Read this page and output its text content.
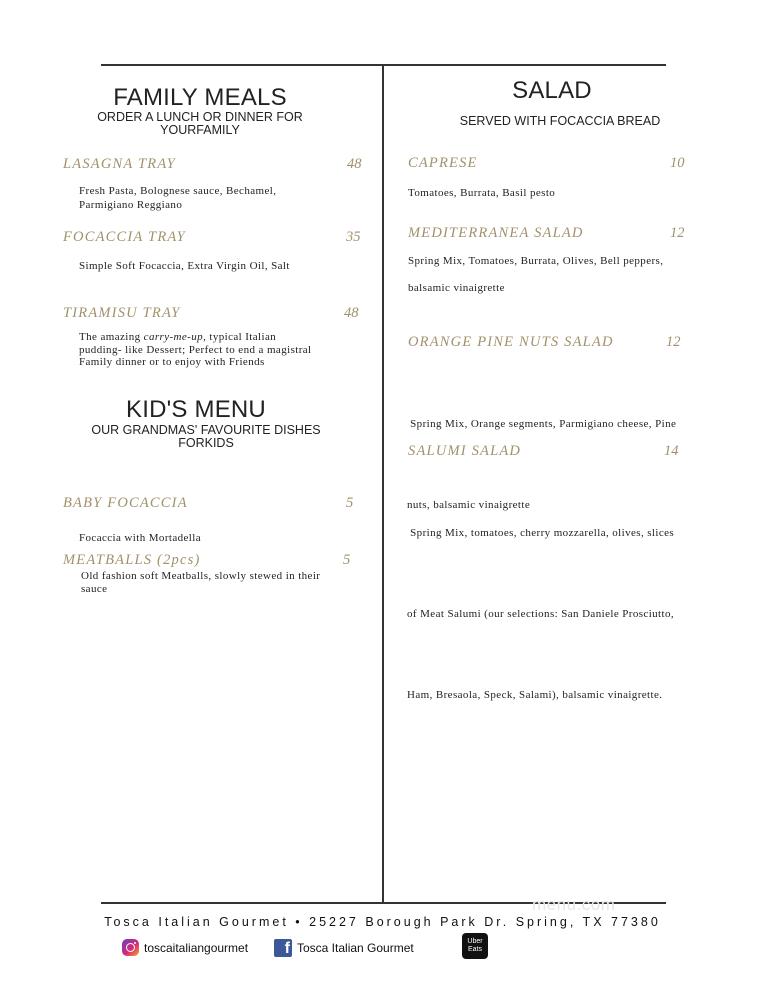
FAMILY MEALS
ORDER A LUNCH OR DINNER FOR
YOURFAMILY
LASAGNA TRAY	48
Fresh Pasta, Bolognese sauce, Bechamel,
Parmigiano Reggiano
FOCACCIA TRAY	35
Simple Soft Focaccia, Extra Virgin Oil, Salt
TIRAMISU TRAY	48
The amazing carry-me-up, typical Italian
pudding- like Dessert; Perfect to end a magistral
Family dinner or to enjoy with Friends
KID'S MENU
OUR GRANDMAS' FAVOURITE DISHES
FORKIDS
BABY FOCACCIA	5
Focaccia with Mortadella
MEATBALLS (2pcs)	5
Old fashion soft Meatballs, slowly stewed in their
sauce
SALAD
SERVED WITH FOCACCIA BREAD
CAPRESE	10
Tomatoes, Burrata, Basil pesto
MEDITERRANEA SALAD	12
Spring Mix, Tomatoes, Burrata, Olives, Bell peppers,
balsamic vinaigrette
ORANGE PINE NUTS SALAD	12

Spring Mix, Orange segments, Parmigiano cheese, Pine

nuts, balsamic vinaigrette

SALUMI SALAD	14

Spring Mix, tomatoes, cherry mozzarella, olives, slices

of Meat Salumi (our selections: San Daniele Prosciutto,

Ham, Bresaola, Speck, Salami), balsamic vinaigrette.

menu.com
Tosca Italian Gourmet • 25227 Borough Park Dr. Spring, TX 77380
toscaitaliangourmet	f Tosca Italian Gourmet	Uber
Eats
